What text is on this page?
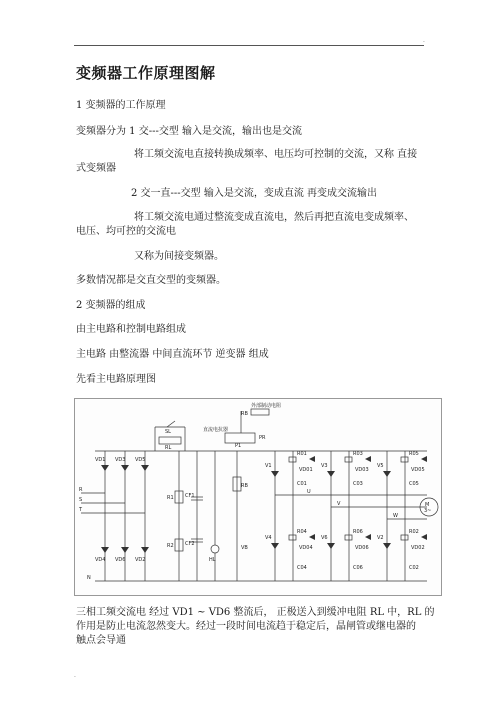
.
变频器工作原理图解
1 变频器的工作原理
变频器分为 1 交---交型 输入是交流，输出也是交流
将工频交流电直接转换成频率、电压均可控制的交流，又称 直接
式变频器
2 交一直---交型 输入是交流，变成直流 再变成交流输出
将工频交流电通过整流变成直流电，然后再把直流电变成频率、
电压、均可控的交流电
又称为间接变频器。
多数情况都是交直交型的变频器。
2 变频器的组成
由主电路和控制电路组成
主电路 由整流器 中间直流环节 逆变器 组成
先看主电路原理图
外部制动电阻
直流电抗器
RB
PR
P1
SL
RL
R
S
T
VD1 VD3 VD5
VD4 VD6 VD2
CF1
CF2
R1
R2
HL
RB
VB
V1	V3	V5
V4	V6	V2
R01	R03	R05
R04	R06	R02
VD01	VD03	VD05
VD04	VD06	VD02
C01	C03	C05
C04	C06	C02
U
V
W
M
3~
N
三相工频交流电 经过 VD1 ~ VD6 整流后， 正极送入到缓冲电阻 RL 中，RL 的
作用是防止电流忽然变大。经过一段时间电流趋于稳定后，晶闸管或继电器的
触点会导通
.
